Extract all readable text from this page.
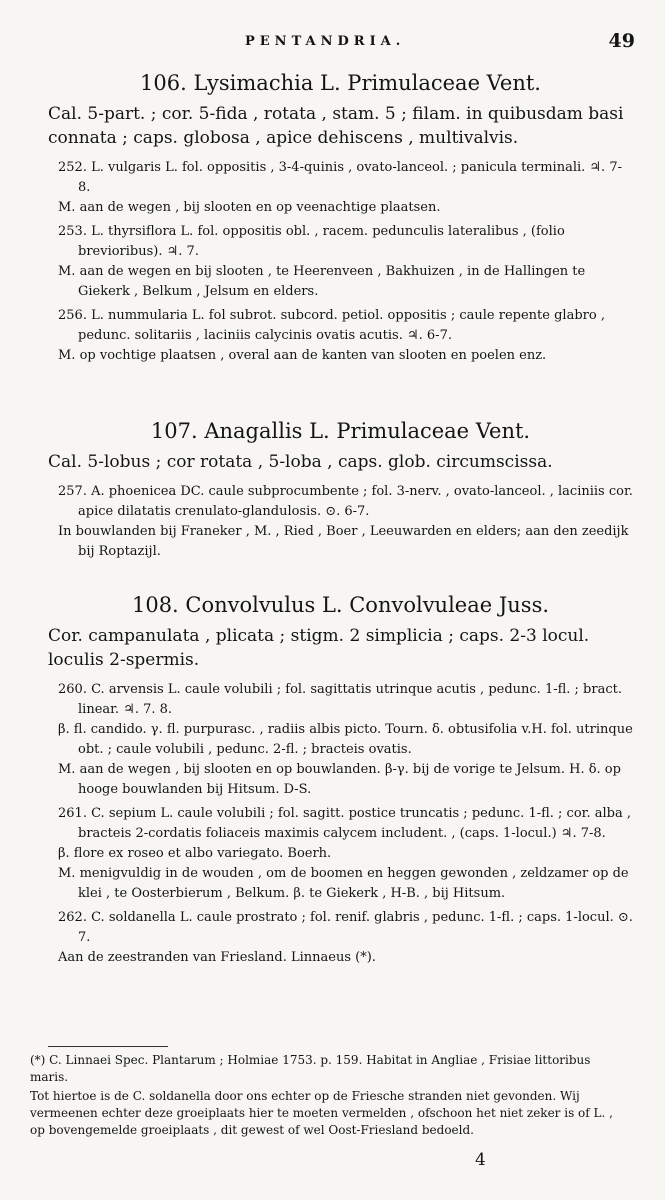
PENTANDRIA.	49

106. Lysimachia L. Primulaceae Vent.

Cal. 5-part. ; cor. 5-fida , rotata , stam. 5 ; filam. in quibusdam basi connata ; caps. globosa , apice dehiscens , multivalvis.

252. L. vulgaris L. fol. oppositis , 3-4-quinis , ovato-lanceol. ; panicula terminali. ♃. 7-8.

M. aan de wegen , bij slooten en op veenachtige plaatsen.

253. L. thyrsiflora L. fol. oppositis obl. , racem. pedunculis lateralibus , (folio brevioribus). ♃. 7.

M. aan de wegen en bij slooten , te Heerenveen , Bakhuizen , in de Hallingen te Giekerk , Belkum , Jelsum en elders.

256. L. nummularia L. fol subrot. subcord. petiol. oppositis ; caule repente glabro , pedunc. solitariis , laciniis calycinis ovatis acutis. ♃. 6-7.

M. op vochtige plaatsen , overal aan de kanten van slooten en poelen enz.

107. Anagallis L. Primulaceae Vent.

Cal. 5-lobus ; cor rotata , 5-loba , caps. glob. circumscissa.

257. A. phoenicea DC. caule subprocumbente ; fol. 3-nerv. , ovato-lanceol. , laciniis cor. apice dilatatis crenulato-glandulosis. ⊙. 6-7.

In bouwlanden bij Franeker , M. , Ried , Boer , Leeuwarden en elders; aan den zeedijk bij Roptazijl.

108. Convolvulus L. Convolvuleae Juss.

Cor. campanulata , plicata ; stigm. 2 simplicia ; caps. 2-3 locul. loculis 2-spermis.

260. C. arvensis L. caule volubili ; fol. sagittatis utrinque acutis , pedunc. 1-fl. ; bract. linear. ♃. 7. 8.

β. fl. candido. γ. fl. purpurasc. , radiis albis picto. Tourn. δ. obtusifolia v.H. fol. utrinque obt. ; caule volubili , pedunc. 2-fl. ; bracteis ovatis.

M. aan de wegen , bij slooten en op bouwlanden. β-γ. bij de vorige te Jelsum. H. δ. op hooge bouwlanden bij Hitsum. D-S.

261. C. sepium L. caule volubili ; fol. sagitt. postice truncatis ; pedunc. 1-fl. ; cor. alba , bracteis 2-cordatis foliaceis maximis calycem includent. , (caps. 1-locul.) ♃. 7-8.

β. flore ex roseo et albo variegato. Boerh.

M. menigvuldig in de wouden , om de boomen en heggen gewonden , zeldzamer op de klei , te Oosterbierum , Belkum. β. te Giekerk , H-B. , bij Hitsum.

262. C. soldanella L. caule prostrato ; fol. renif. glabris , pedunc. 1-fl. ; caps. 1-locul. ⊙. 7.

Aan de zeestranden van Friesland. Linnaeus (*).

(*) C. Linnaei Spec. Plantarum ; Holmiae 1753. p. 159. Habitat in Angliae , Frisiae littoribus maris.

Tot hiertoe is de C. soldanella door ons echter op de Friesche stranden niet gevonden. Wij vermeenen echter deze groeiplaats hier te moeten vermelden , ofschoon het niet zeker is of L. , op bovengemelde groeiplaats , dit gewest of wel Oost-Friesland bedoeld.

4
